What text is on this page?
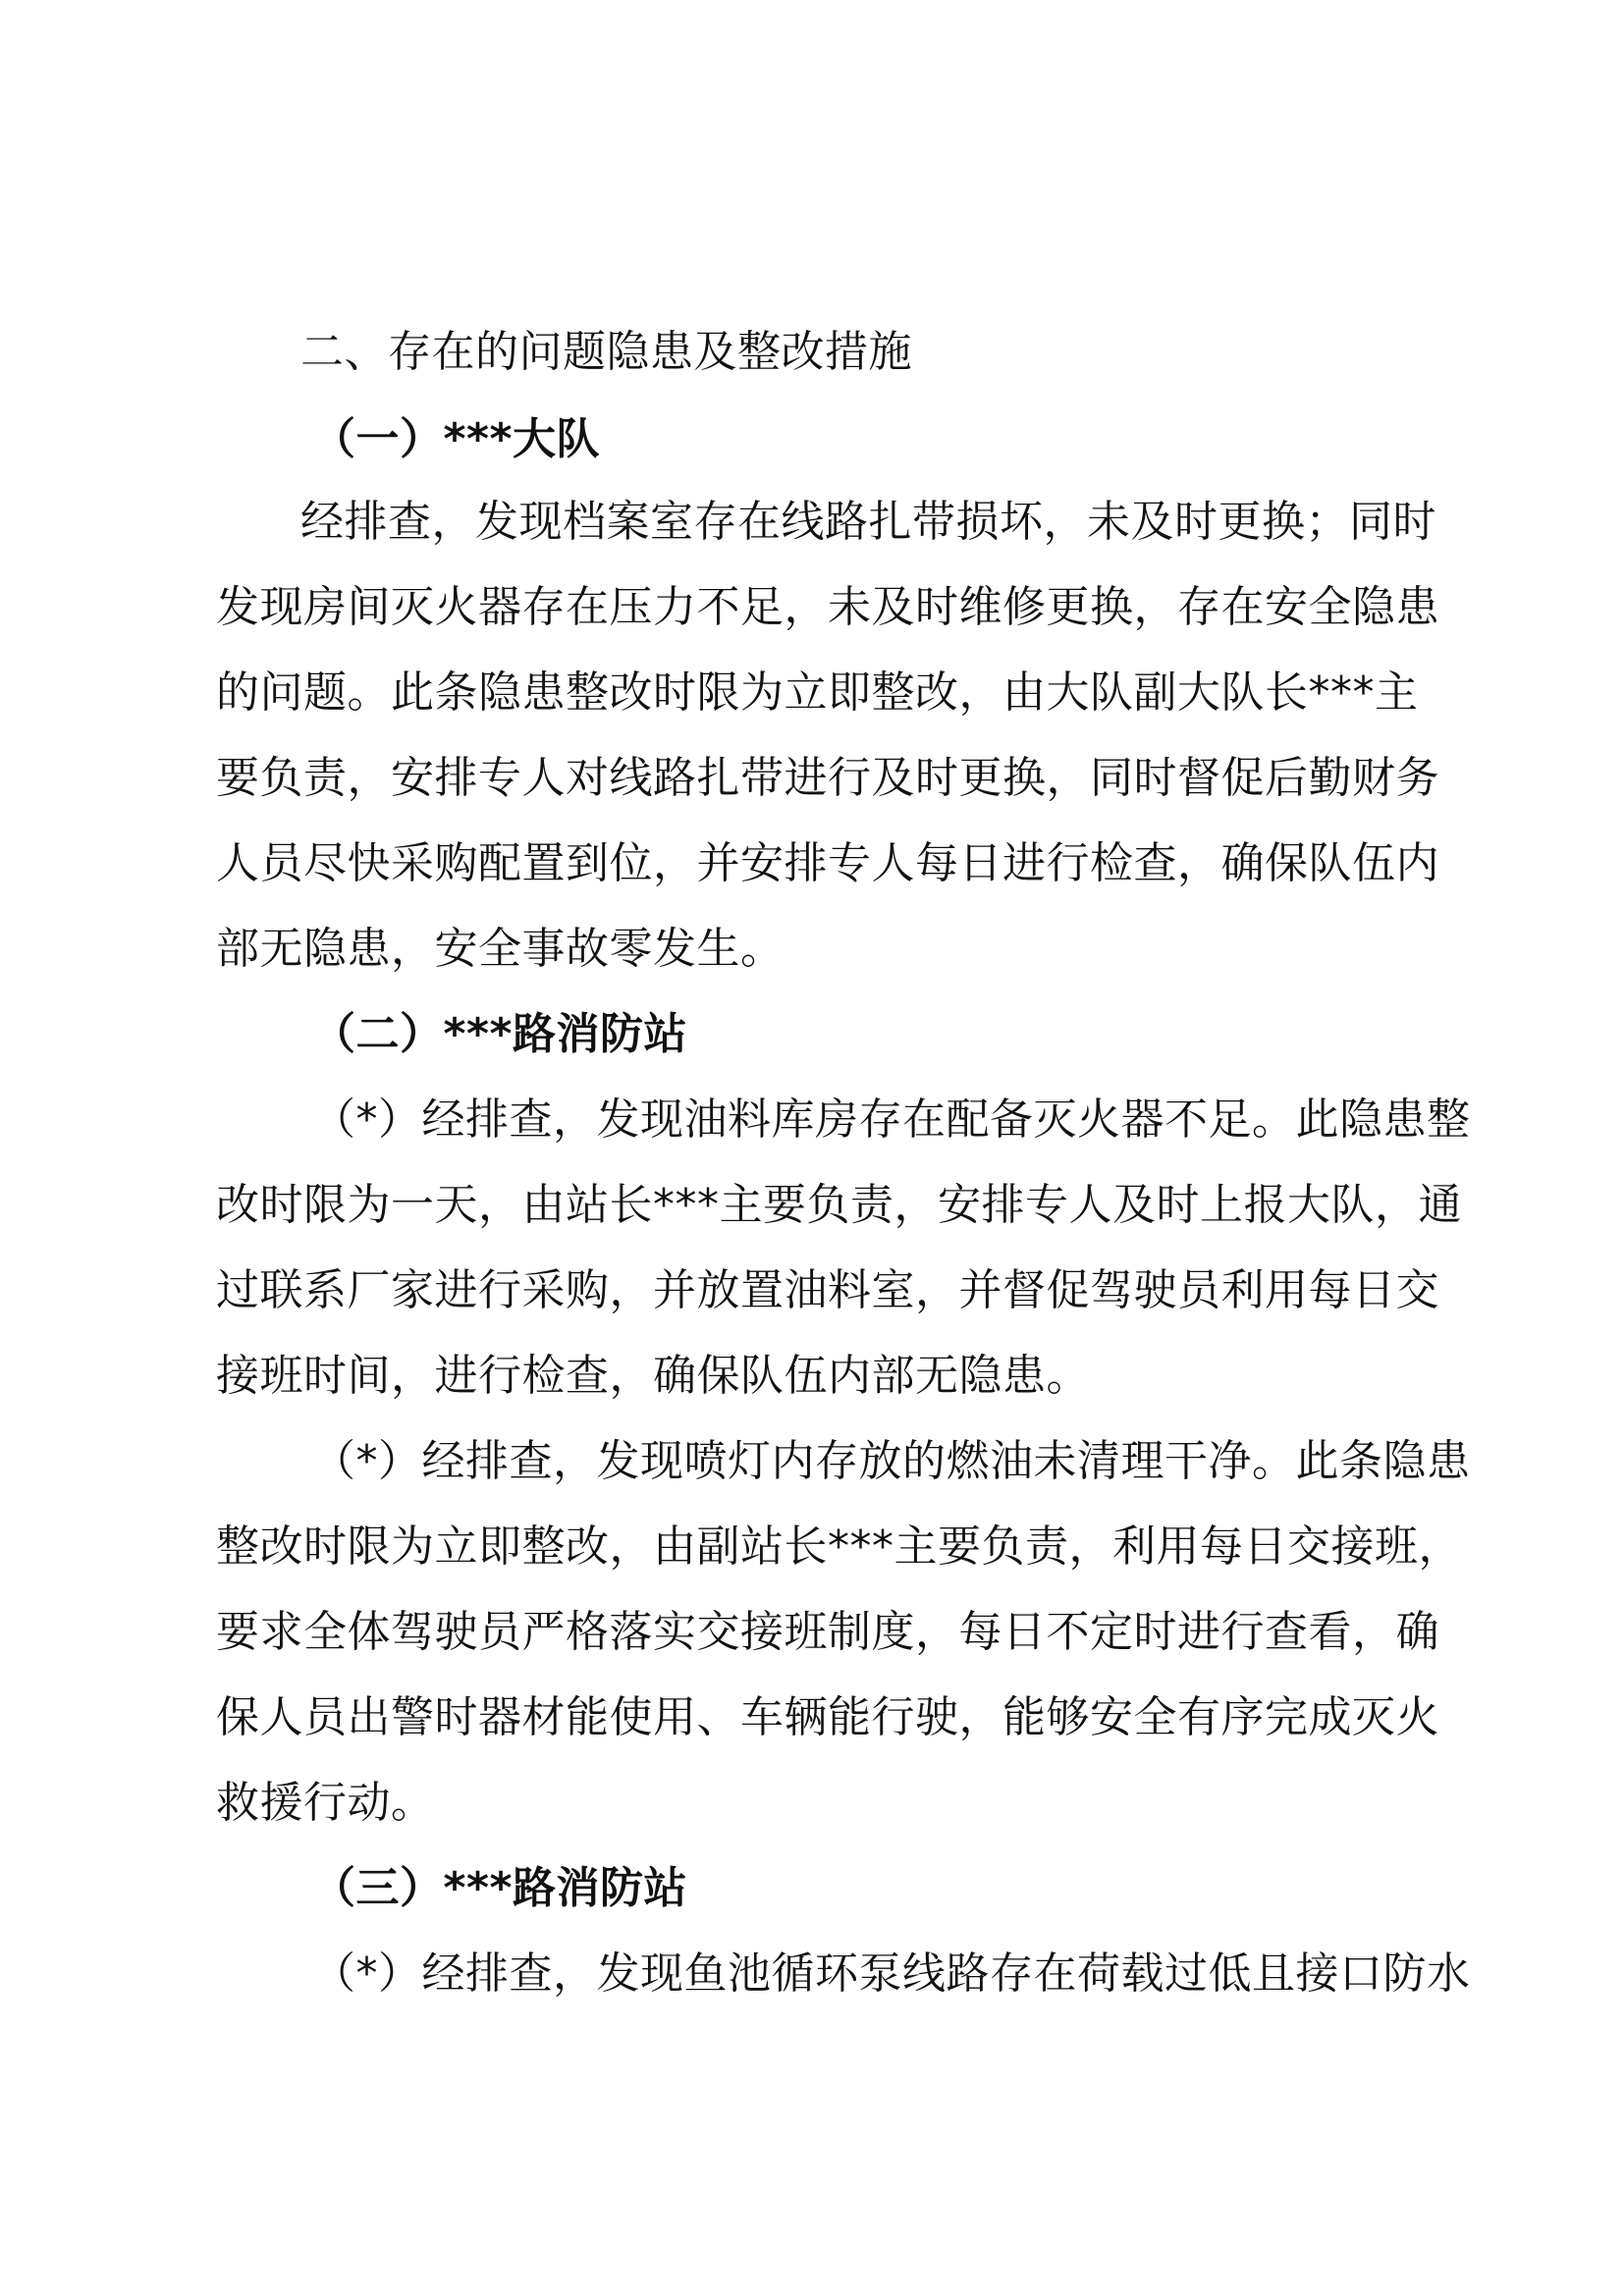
二、存在的问题隐患及整改措施
（一）***大队
经排查，发现档案室存在线路扎带损坏，未及时更换；同时
发现房间灭火器存在压力不足，未及时维修更换，存在安全隐患
的问题。此条隐患整改时限为立即整改，由大队副大队长***主
要负责，安排专人对线路扎带进行及时更换，同时督促后勤财务
人员尽快采购配置到位，并安排专人每日进行检查，确保队伍内
部无隐患，安全事故零发生。
（二）***路消防站
（*）经排查，发现油料库房存在配备灭火器不足。此隐患整
改时限为一天，由站长***主要负责，安排专人及时上报大队，通
过联系厂家进行采购，并放置油料室，并督促驾驶员利用每日交
接班时间，进行检查，确保队伍内部无隐患。
（*）经排查，发现喷灯内存放的燃油未清理干净。此条隐患
整改时限为立即整改，由副站长***主要负责，利用每日交接班，
要求全体驾驶员严格落实交接班制度，每日不定时进行查看，确
保人员出警时器材能使用、车辆能行驶，能够安全有序完成灭火
救援行动。
（三）***路消防站
（*）经排查，发现鱼池循环泵线路存在荷载过低且接口防水
